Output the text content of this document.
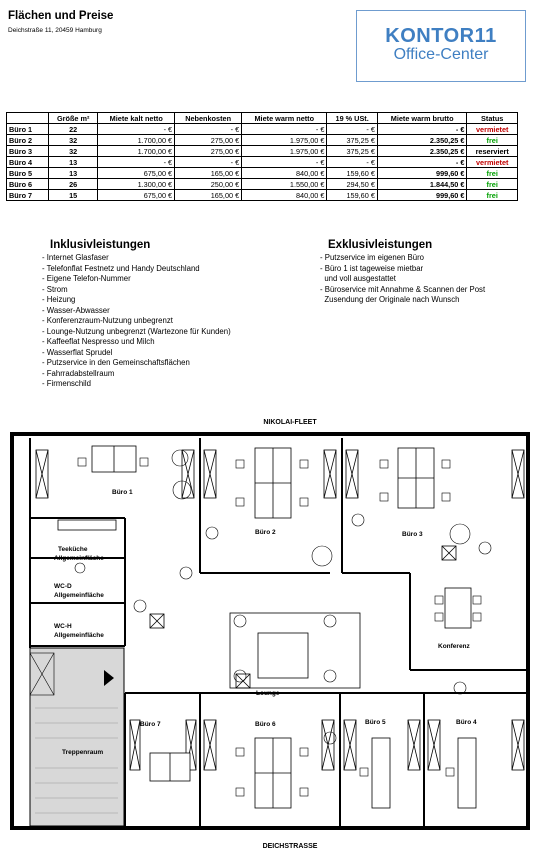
Flächen und Preise
Deichstraße 11, 20459 Hamburg	KONTOR11
Office-Center
	Größe m²	Miete kalt netto	Nebenkosten	Miete warm netto	19 % USt.	Miete warm brutto	Status
Büro 1	22	- €	- €	- €	- €	- €	vermietet
Büro 2	32	1.700,00 €	275,00 €	1.975,00 €	375,25 €	2.350,25 €	frei
Büro 3	32	1.700,00 €	275,00 €	1.975,00 €	375,25 €	2.350,25 €	reserviert
Büro 4	13	- €	- €	- €	- €	- €	vermietet
Büro 5	13	675,00 €	165,00 €	840,00 €	159,60 €	999,60 €	frei
Büro 6	26	1.300,00 €	250,00 €	1.550,00 €	294,50 €	1.844,50 €	frei
Büro 7	15	675,00 €	165,00 €	840,00 €	159,60 €	999,60 €	frei
Inklusivleistungen
- Internet Glasfaser
- Telefonflat Festnetz und Handy Deutschland
- Eigene Telefon-Nummer
- Strom
- Heizung
- Wasser-Abwasser
- Konferenzraum-Nutzung unbegrenzt
- Lounge-Nutzung unbegrenzt (Wartezone für Kunden)
- Kaffeeflat Nespresso und Milch
- Wasserflat Sprudel
- Putzservice in den Gemeinschaftsflächen
- Fahrradabstellraum
- Firmenschild
Exklusivleistungen
- Putzservice im eigenen Büro
- Büro 1 ist tageweise mietbar
und voll ausgestattet
- Büroservice mit Annahme & Scannen der Post
Zusendung der Originale nach Wunsch
NIKOLAI-FLEET
DEICHSTRASSE
Büro 1
Büro 2	Büro 3
Büro 4
Büro 5
Büro 6
Büro 7
Teeküche
Allgemeinfläche
WC-D
Allgemeinfläche
WC-H
Allgemeinfläche
Konferenz
Lounge
Treppenraum
